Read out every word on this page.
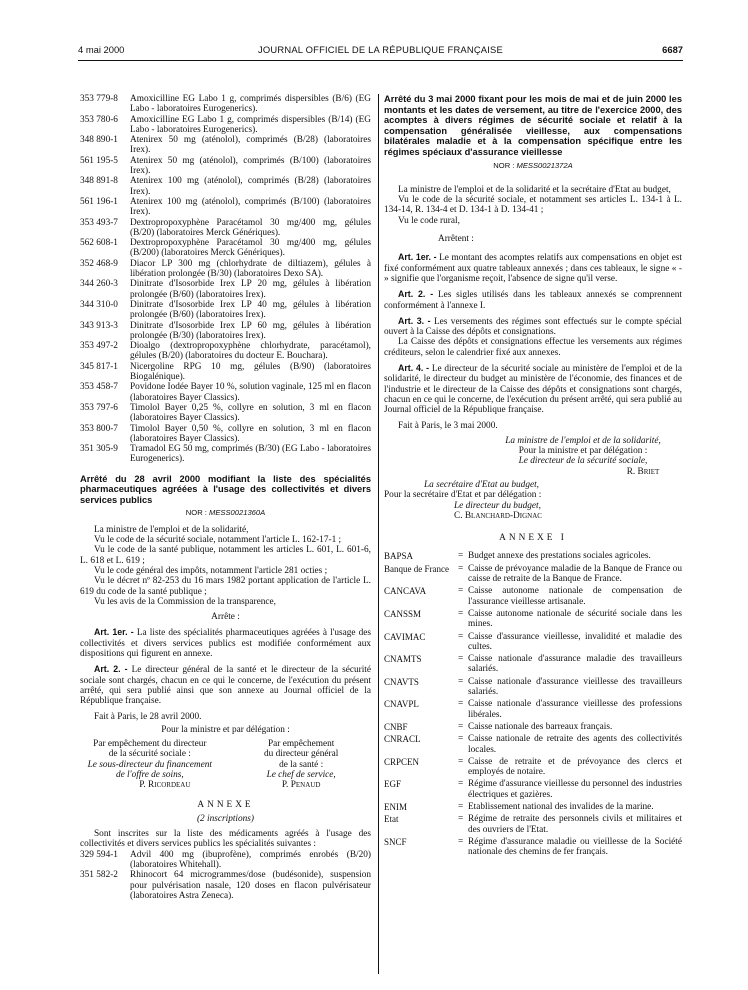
4 mai 2000	JOURNAL OFFICIEL DE LA RÉPUBLIQUE FRANÇAISE	6687
353 779-8	Amoxicilline EG Labo 1 g, comprimés dispersibles (B/6) (EG Labo - laboratoires Eurogenerics).
353 780-6	Amoxicilline EG Labo 1 g, comprimés dispersibles (B/14) (EG Labo - laboratoires Eurogenerics).
348 890-1	Atenirex 50 mg (aténolol), comprimés (B/28) (laboratoires Irex).
561 195-5	Atenirex 50 mg (aténolol), comprimés (B/100) (laboratoires Irex).
348 891-8	Atenirex 100 mg (aténolol), comprimés (B/28) (laboratoires Irex).
561 196-1	Atenirex 100 mg (aténolol), comprimés (B/100) (laboratoires Irex).
353 493-7	Dextropropoxyphène Paracétamol 30 mg/400 mg, gélules (B/20) (laboratoires Merck Génériques).
562 608-1	Dextropropoxyphène Paracétamol 30 mg/400 mg, gélules (B/200) (laboratoires Merck Génériques).
352 468-9	Diacor LP 300 mg (chlorhydrate de diltiazem), gélules à libération prolongée (B/30) (laboratoires Dexo SA).
344 260-3	Dinitrate d'Isosorbide Irex LP 20 mg, gélules à libération prolongée (B/60) (laboratoires Irex).
344 310-0	Dinitrate d'Isosorbide Irex LP 40 mg, gélules à libération prolongée (B/60) (laboratoires Irex).
343 913-3	Dinitrate d'Isosorbide Irex LP 60 mg, gélules à libération prolongée (B/30) (laboratoires Irex).
353 497-2	Dioalgo (dextropropoxyphène chlorhydrate, paracétamol), gélules (B/20) (laboratoires du docteur E. Bouchara).
345 817-1	Nicergoline RPG 10 mg, gélules (B/90) (laboratoires Biogalénique).
353 458-7	Povidone Iodée Bayer 10 %, solution vaginale, 125 ml en flacon (laboratoires Bayer Classics).
353 797-6	Timolol Bayer 0,25 %, collyre en solution, 3 ml en flacon (laboratoires Bayer Classics).
353 800-7	Timolol Bayer 0,50 %, collyre en solution, 3 ml en flacon (laboratoires Bayer Classics).
351 305-9	Tramadol EG 50 mg, comprimés (B/30) (EG Labo - laboratoires Eurogenerics).
Arrêté du 28 avril 2000 modifiant la liste des spécialités pharmaceutiques agréées à l'usage des collectivités et divers services publics
NOR : MESS0021360A

La ministre de l'emploi et de la solidarité,

Vu le code de la sécurité sociale, notamment l'article L. 162-17-1 ;

Vu le code de la santé publique, notamment les articles L. 601, L. 601-6, L. 618 et L. 619 ;

Vu le code général des impôts, notamment l'article 281 octies ;

Vu le décret nº 82-253 du 16 mars 1982 portant application de l'article L. 619 du code de la santé publique ;

Vu les avis de la Commission de la transparence,

Arrête :

Art. 1er. - La liste des spécialités pharmaceutiques agréées à l'usage des collectivités et divers services publics est modifiée conformément aux dispositions qui figurent en annexe.

Art. 2. - Le directeur général de la santé et le directeur de la sécurité sociale sont chargés, chacun en ce qui le concerne, de l'exécution du présent arrêté, qui sera publié ainsi que son annexe au Journal officiel de la République française.

Fait à Paris, le 28 avril 2000.

Pour la ministre et par délégation :

Par empêchement du directeur
de la sécurité sociale :
Le sous-directeur du financement
de l'offre de soins,
P. Ricordeau
Par empêchement
du directeur général
de la santé :
Le chef de service,
P. Penaud
ANNEXE
(2 inscriptions)

Sont inscrites sur la liste des médicaments agréés à l'usage des collectivités et divers services publics les spécialités suivantes :

329 594-1	Advil 400 mg (ibuprofène), comprimés enrobés (B/20) (laboratoires Whitehall).
351 582-2	Rhinocort 64 microgrammes/dose (budésonide), suspension pour pulvérisation nasale, 120 doses en flacon pulvérisateur (laboratoires Astra Zeneca).
Arrêté du 3 mai 2000 fixant pour les mois de mai et de juin 2000 les montants et les dates de versement, au titre de l'exercice 2000, des acomptes à divers régimes de sécurité sociale et relatif à la compensation généralisée vieillesse, aux compensations bilatérales maladie et à la compensation spécifique entre les régimes spéciaux d'assurance vieillesse
NOR : MESS0021372A

La ministre de l'emploi et de la solidarité et la secrétaire d'Etat au budget,

Vu le code de la sécurité sociale, et notamment ses articles L. 134-1 à L. 134-14, R. 134-4 et D. 134-1 à D. 134-41 ;

Vu le code rural,

Arrêtent :

Art. 1er. - Le montant des acomptes relatifs aux compensations en objet est fixé conformément aux quatre tableaux annexés ; dans ces tableaux, le signe « - » signifie que l'organisme reçoit, l'absence de signe qu'il verse.

Art. 2. - Les sigles utilisés dans les tableaux annexés se comprennent conformément à l'annexe I.

Art. 3. - Les versements des régimes sont effectués sur le compte spécial ouvert à la Caisse des dépôts et consignations.

La Caisse des dépôts et consignations effectue les versements aux régimes créditeurs, selon le calendrier fixé aux annexes.

Art. 4. - Le directeur de la sécurité sociale au ministère de l'emploi et de la solidarité, le directeur du budget au ministère de l'économie, des finances et de l'industrie et le directeur de la Caisse des dépôts et consignations sont chargés, chacun en ce qui le concerne, de l'exécution du présent arrêté, qui sera publié au Journal officiel de la République française.

Fait à Paris, le 3 mai 2000.

La ministre de l'emploi et de la solidarité,
Pour la ministre et par délégation :
Le directeur de la sécurité sociale,
R. Briet
La secrétaire d'Etat au budget,
Pour la secrétaire d'Etat et par délégation :
Le directeur du budget,
C. Blanchard-Dignac
ANNEXE I
BAPSA	= Budget annexe des prestations sociales agricoles.
Banque de France = Caisse de prévoyance maladie de la Banque de France ou caisse de retraite de la Banque de France.
CANCAVA	= Caisse autonome nationale de compensation de l'assurance vieillesse artisanale.
CANSSM	= Caisse autonome nationale de sécurité sociale dans les mines.
CAVIMAC	= Caisse d'assurance vieillesse, invalidité et maladie des cultes.
CNAMTS	= Caisse nationale d'assurance maladie des travailleurs salariés.
CNAVTS	= Caisse nationale d'assurance vieillesse des travailleurs salariés.
CNAVPL	= Caisse nationale d'assurance vieillesse des professions libérales.
CNBF	= Caisse nationale des barreaux français.
CNRACL	= Caisse nationale de retraite des agents des collectivités locales.
CRPCEN	= Caisse de retraite et de prévoyance des clercs et employés de notaire.
EGF	= Régime d'assurance vieillesse du personnel des industries électriques et gazières.
ENIM	= Etablissement national des invalides de la marine.
Etat	= Régime de retraite des personnels civils et militaires et des ouvriers de l'Etat.
SNCF	= Régime d'assurance maladie ou vieillesse de la Société nationale des chemins de fer français.
